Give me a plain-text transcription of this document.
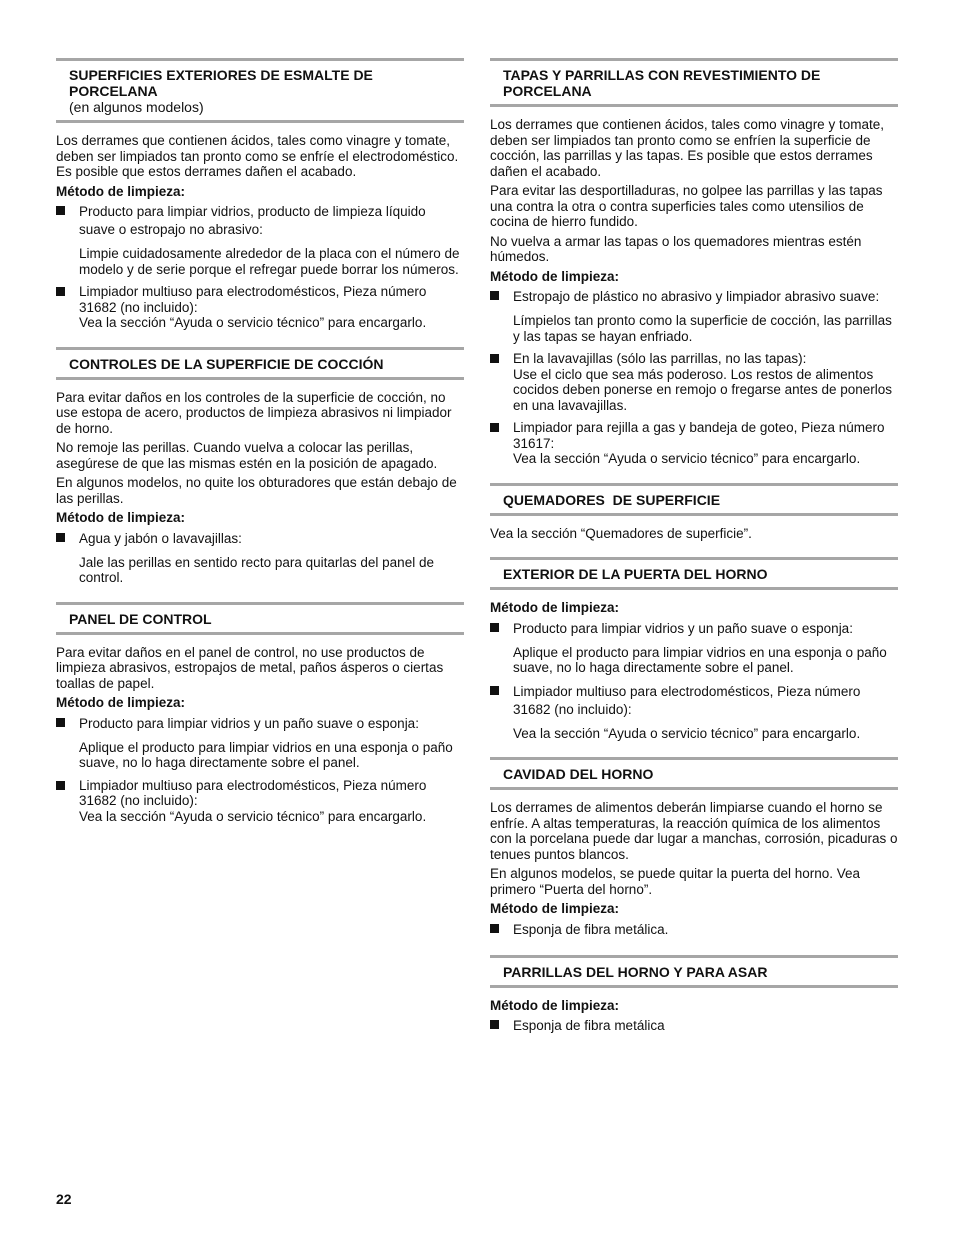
SUPERFICIES EXTERIORES DE ESMALTE DE PORCELANA
(en algunos modelos)

Los derrames que contienen ácidos, tales como vinagre y tomate, deben ser limpiados tan pronto como se enfríe el electrodoméstico. Es posible que estos derrames dañen el acabado.

Método de limpieza:

Producto para limpiar vidrios, producto de limpieza líquido suave o estropajo no abrasivo:

Limpie cuidadosamente alrededor de la placa con el número de modelo y de serie porque el refregar puede borrar los números.

Limpiador multiuso para electrodomésticos, Pieza número 31682 (no incluido):
Vea la sección “Ayuda o servicio técnico” para encargarlo.
CONTROLES DE LA SUPERFICIE DE COCCIÓN

Para evitar daños en los controles de la superficie de cocción, no use estopa de acero, productos de limpieza abrasivos ni limpiador de horno.

No remoje las perillas. Cuando vuelva a colocar las perillas, asegúrese de que las mismas estén en la posición de apagado.

En algunos modelos, no quite los obturadores que están debajo de las perillas.

Método de limpieza:

Agua y jabón o lavavajillas:

Jale las perillas en sentido recto para quitarlas del panel de control.

PANEL DE CONTROL

Para evitar daños en el panel de control, no use productos de limpieza abrasivos, estropajos de metal, paños ásperos o ciertas toallas de papel.

Método de limpieza:

Producto para limpiar vidrios y un paño suave o esponja:

Aplique el producto para limpiar vidrios en una esponja o paño suave, no lo haga directamente sobre el panel.

Limpiador multiuso para electrodomésticos, Pieza número 31682 (no incluido):
Vea la sección “Ayuda o servicio técnico” para encargarlo.
TAPAS Y PARRILLAS CON REVESTIMIENTO DE PORCELANA

Los derrames que contienen ácidos, tales como vinagre y tomate, deben ser limpiados tan pronto como se enfríen la superficie de cocción, las parrillas y las tapas. Es posible que estos derrames dañen el acabado.

Para evitar las desportilladuras, no golpee las parrillas y las tapas una contra la otra o contra superficies tales como utensilios de cocina de hierro fundido.

No vuelva a armar las tapas o los quemadores mientras estén húmedos.

Método de limpieza:

Estropajo de plástico no abrasivo y limpiador abrasivo suave:

Límpielos tan pronto como la superficie de cocción, las parrillas y las tapas se hayan enfriado.

En la lavavajillas (sólo las parrillas, no las tapas):
Use el ciclo que sea más poderoso. Los restos de alimentos cocidos deben ponerse en remojo o fregarse antes de ponerlos en una lavavajillas.
Limpiador para rejilla a gas y bandeja de goteo, Pieza número 31617:
Vea la sección “Ayuda o servicio técnico” para encargarlo.
QUEMADORES  DE SUPERFICIE

Vea la sección “Quemadores de superficie”.

EXTERIOR DE LA PUERTA DEL HORNO

Método de limpieza:

Producto para limpiar vidrios y un paño suave o esponja:

Aplique el producto para limpiar vidrios en una esponja o paño suave, no lo haga directamente sobre el panel.

Limpiador multiuso para electrodomésticos, Pieza número 31682 (no incluido):

Vea la sección “Ayuda o servicio técnico” para encargarlo.

CAVIDAD DEL HORNO

Los derrames de alimentos deberán limpiarse cuando el horno se enfríe. A altas temperaturas, la reacción química de los alimentos con la porcelana puede dar lugar a manchas, corrosión, picaduras o tenues puntos blancos.

En algunos modelos, se puede quitar la puerta del horno. Vea primero “Puerta del horno”.

Método de limpieza:

Esponja de fibra metálica.
PARRILLAS DEL HORNO Y PARA ASAR

Método de limpieza:

Esponja de fibra metálica
22
